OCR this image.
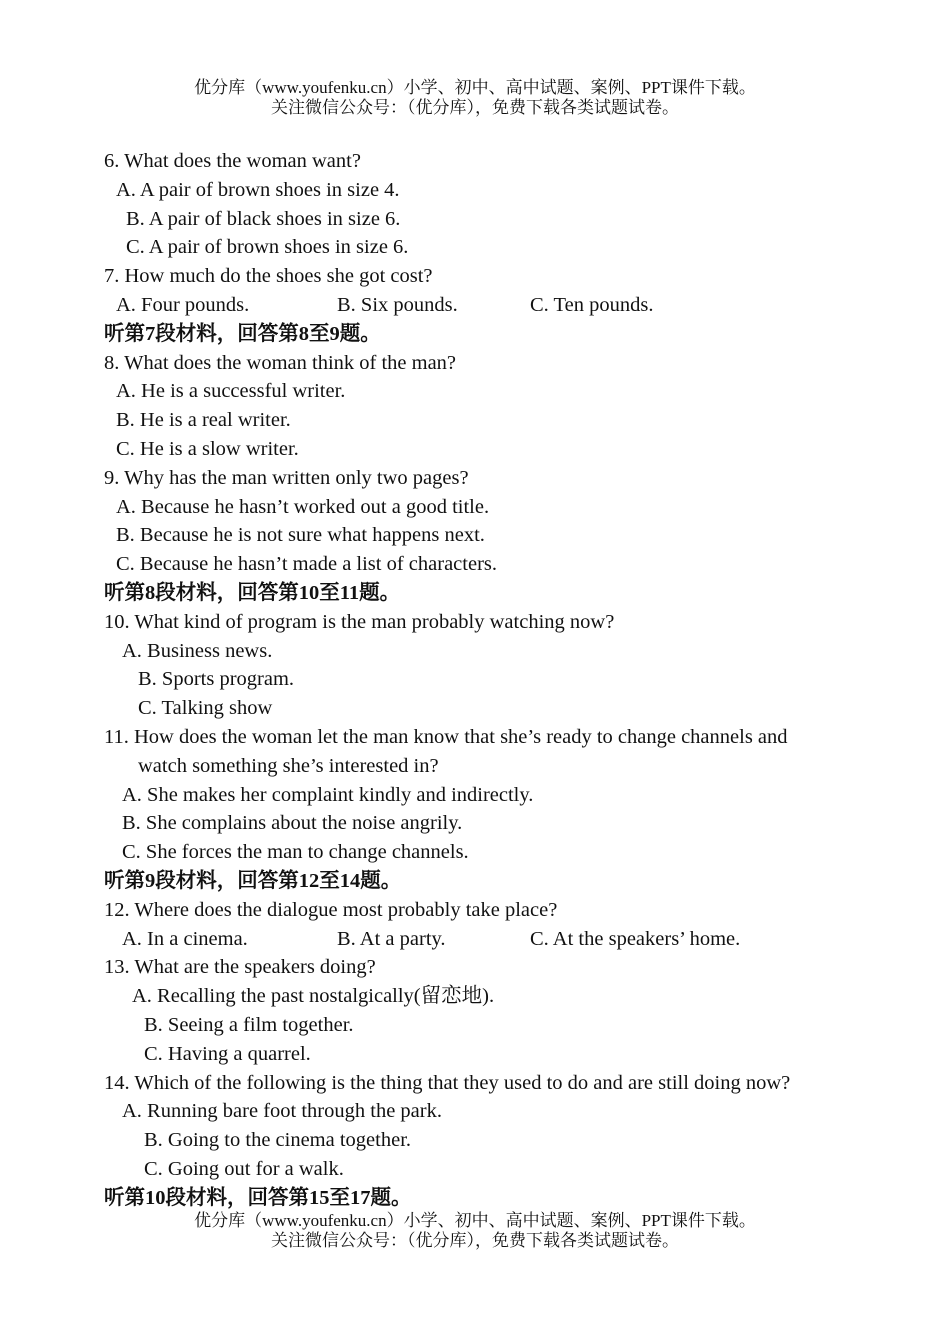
优分库（www.youfenku.cn）小学、初中、高中试题、案例、PPT课件下载。
关注微信公众号：（优分库），免费下载各类试题试卷。
6. What does the woman want?
A. A pair of brown shoes in size 4.
B. A pair of black shoes in size 6.
C. A pair of brown shoes in size 6.
7. How much do the shoes she got cost?
A. Four pounds.	B. Six pounds.	C. Ten pounds.
听第7段材料，回答第8至9题。
8. What does the woman think of the man?
A. He is a successful writer.
B. He is a real writer.
C. He is a slow writer.
9. Why has the man written only two pages?
A. Because he hasn’t worked out a good title.
B. Because he is not sure what happens next.
C. Because he hasn’t made a list of characters.
听第8段材料，回答第10至11题。
10. What kind of program is the man probably watching now?
A. Business news.
B. Sports program.
C. Talking show
11. How does the woman let the man know that she’s ready to change channels and
watch something she’s interested in?
A. She makes her complaint kindly and indirectly.
B. She complains about the noise angrily.
C. She forces the man to change channels.
听第9段材料，回答第12至14题。
12. Where does the dialogue most probably take place?
A. In a cinema.	B. At a party.	C. At the speakers’ home.
13. What are the speakers doing?
A. Recalling the past nostalgically(留恋地).
B. Seeing a film together.
C. Having a quarrel.
14. Which of the following is the thing that they used to do and are still doing now?
A. Running bare foot through the park.
B. Going to the cinema together.
C. Going out for a walk.
听第10段材料，回答第15至17题。
优分库（www.youfenku.cn）小学、初中、高中试题、案例、PPT课件下载。
关注微信公众号：（优分库），免费下载各类试题试卷。
